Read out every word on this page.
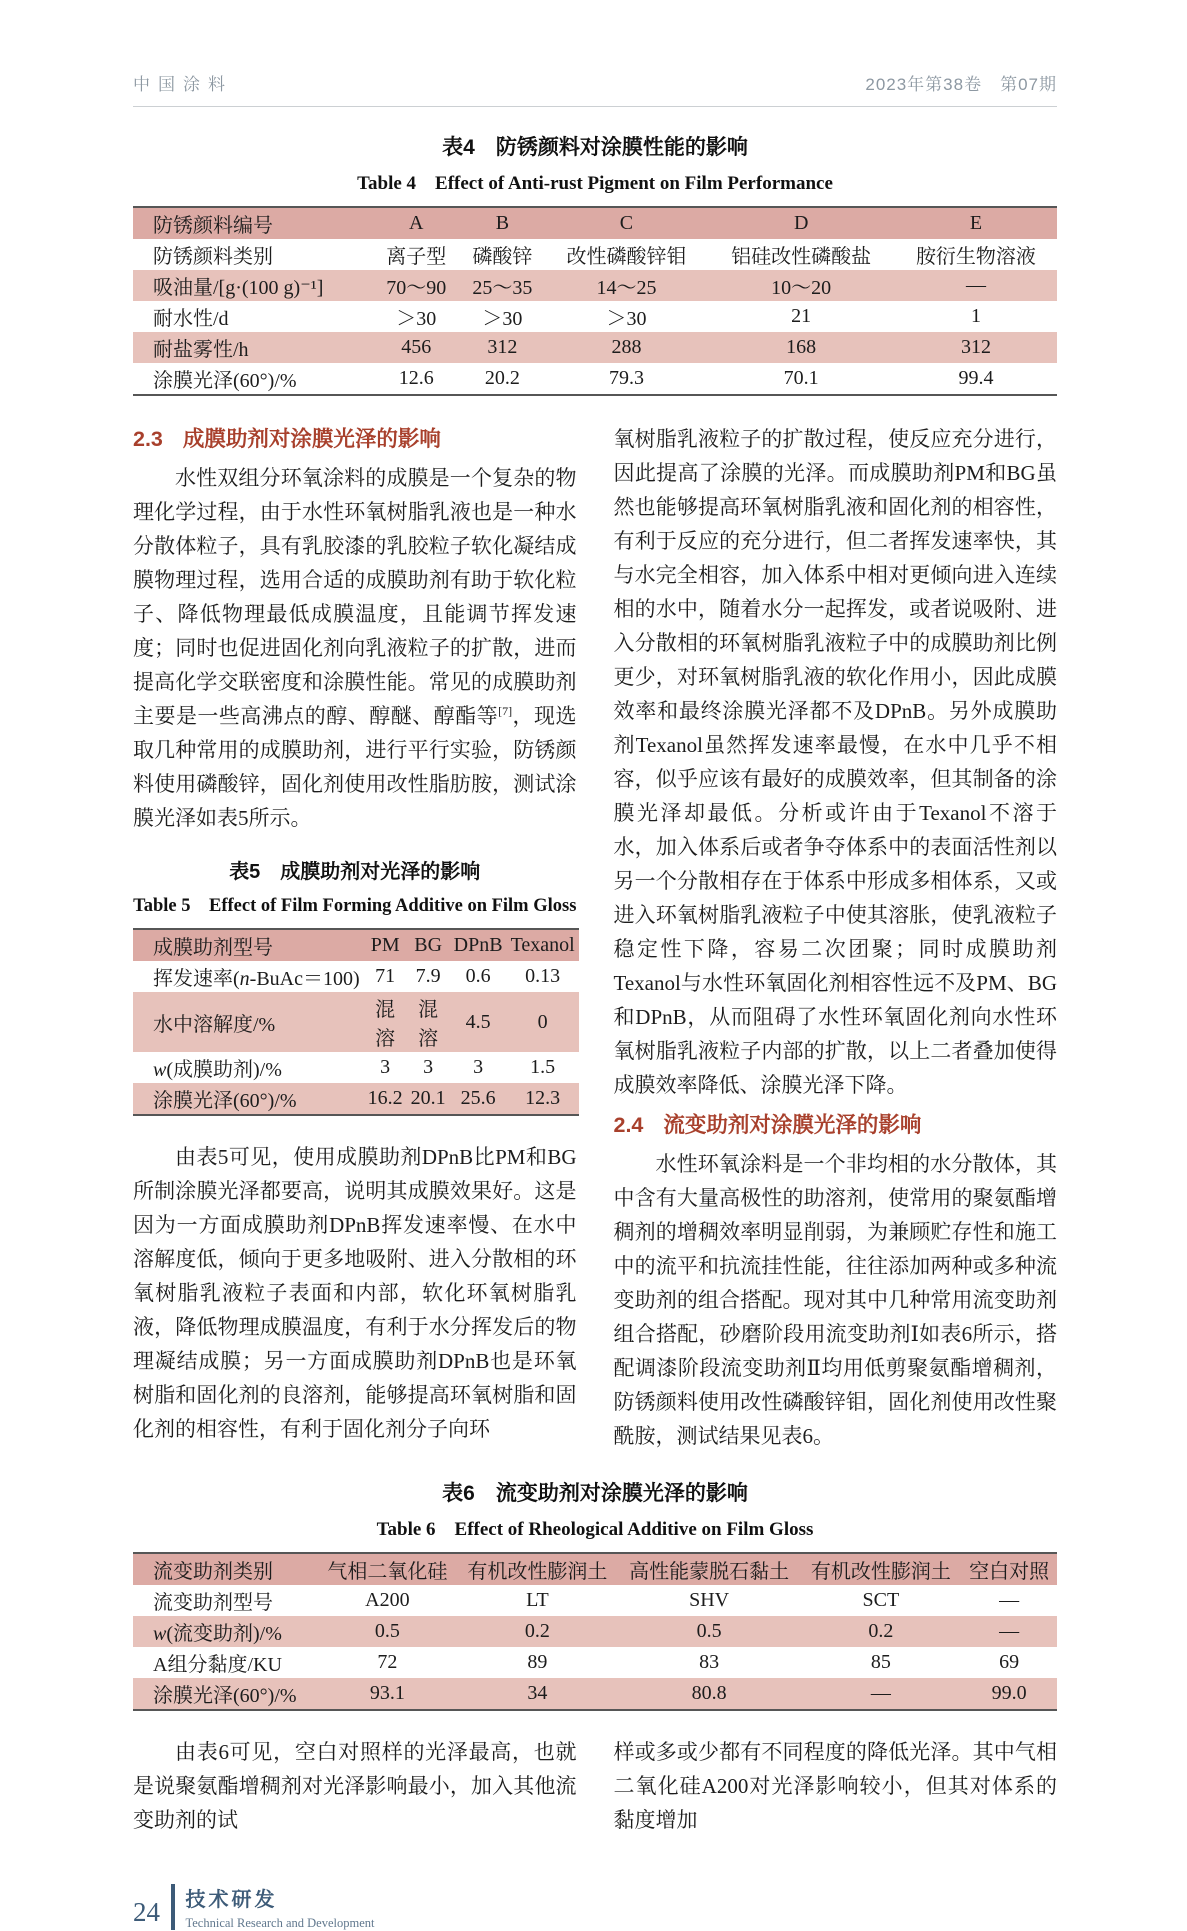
中国涂料	2023年第38卷　第07期
表4　防锈颜料对涂膜性能的影响
Table 4　Effect of Anti-rust Pigment on Film Performance
防锈颜料编号	A	B	C	D	E
防锈颜料类别	离子型	磷酸锌	改性磷酸锌钼	铝硅改性磷酸盐	胺衍生物溶液
吸油量/[g·(100 g)⁻¹]	70～90	25～35	14～25	10～20	—
耐水性/d	＞30	＞30	＞30	21	1
耐盐雾性/h	456	312	288	168	312
涂膜光泽(60°)/%	12.6	20.2	79.3	70.1	99.4
2.3 成膜助剂对涂膜光泽的影响

水性双组分环氧涂料的成膜是一个复杂的物理化学过程，由于水性环氧树脂乳液也是一种水分散体粒子，具有乳胶漆的乳胶粒子软化凝结成膜物理过程，选用合适的成膜助剂有助于软化粒子、降低物理最低成膜温度，且能调节挥发速度；同时也促进固化剂向乳液粒子的扩散，进而提高化学交联密度和涂膜性能。常见的成膜助剂主要是一些高沸点的醇、醇醚、醇酯等[7]，现选取几种常用的成膜助剂，进行平行实验，防锈颜料使用磷酸锌，固化剂使用改性脂肪胺，测试涂膜光泽如表5所示。

表5　成膜助剂对光泽的影响
Table 5　Effect of Film Forming Additive on Film Gloss
成膜助剂型号	PM	BG	DPnB	Texanol
挥发速率(n-BuAc＝100)	71	7.9	0.6	0.13
水中溶解度/%	混溶	混溶	4.5	0
w(成膜助剂)/%	3	3	3	1.5
涂膜光泽(60°)/%	16.2	20.1	25.6	12.3

由表5可见，使用成膜助剂DPnB比PM和BG所制涂膜光泽都要高，说明其成膜效果好。这是因为一方面成膜助剂DPnB挥发速率慢、在水中溶解度低，倾向于更多地吸附、进入分散相的环氧树脂乳液粒子表面和内部，软化环氧树脂乳液，降低物理成膜温度，有利于水分挥发后的物理凝结成膜；另一方面成膜助剂DPnB也是环氧树脂和固化剂的良溶剂，能够提高环氧树脂和固化剂的相容性，有利于固化剂分子向环

氧树脂乳液粒子的扩散过程，使反应充分进行，因此提高了涂膜的光泽。而成膜助剂PM和BG虽然也能够提高环氧树脂乳液和固化剂的相容性，有利于反应的充分进行，但二者挥发速率快，其与水完全相容，加入体系中相对更倾向进入连续相的水中，随着水分一起挥发，或者说吸附、进入分散相的环氧树脂乳液粒子中的成膜助剂比例更少，对环氧树脂乳液的软化作用小，因此成膜效率和最终涂膜光泽都不及DPnB。另外成膜助剂Texanol虽然挥发速率最慢，在水中几乎不相容，似乎应该有最好的成膜效率，但其制备的涂膜光泽却最低。分析或许由于Texanol不溶于水，加入体系后或者争夺体系中的表面活性剂以另一个分散相存在于体系中形成多相体系，又或进入环氧树脂乳液粒子中使其溶胀，使乳液粒子稳定性下降，容易二次团聚；同时成膜助剂Texanol与水性环氧固化剂相容性远不及PM、BG和DPnB，从而阻碍了水性环氧固化剂向水性环氧树脂乳液粒子内部的扩散，以上二者叠加使得成膜效率降低、涂膜光泽下降。

2.4 流变助剂对涂膜光泽的影响

水性环氧涂料是一个非均相的水分散体，其中含有大量高极性的助溶剂，使常用的聚氨酯增稠剂的增稠效率明显削弱，为兼顾贮存性和施工中的流平和抗流挂性能，往往添加两种或多种流变助剂的组合搭配。现对其中几种常用流变助剂组合搭配，砂磨阶段用流变助剂Ⅰ如表6所示，搭配调漆阶段流变助剂Ⅱ均用低剪聚氨酯增稠剂，防锈颜料使用改性磷酸锌钼，固化剂使用改性聚酰胺，测试结果见表6。

表6　流变助剂对涂膜光泽的影响
Table 6　Effect of Rheological Additive on Film Gloss
流变助剂类别	气相二氧化硅	有机改性膨润土	高性能蒙脱石黏土	有机改性膨润土	空白对照
流变助剂型号	A200	LT	SHV	SCT	—
w(流变助剂)/%	0.5	0.2	0.5	0.2	—
A组分黏度/KU	72	89	83	85	69
涂膜光泽(60°)/%	93.1	34	80.8	—	99.0

由表6可见，空白对照样的光泽最高，也就是说聚氨酯增稠剂对光泽影响最小，加入其他流变助剂的试

样或多或少都有不同程度的降低光泽。其中气相二氧化硅A200对光泽影响较小，但其对体系的黏度增加

24 技术研发
Technical Research and Development
